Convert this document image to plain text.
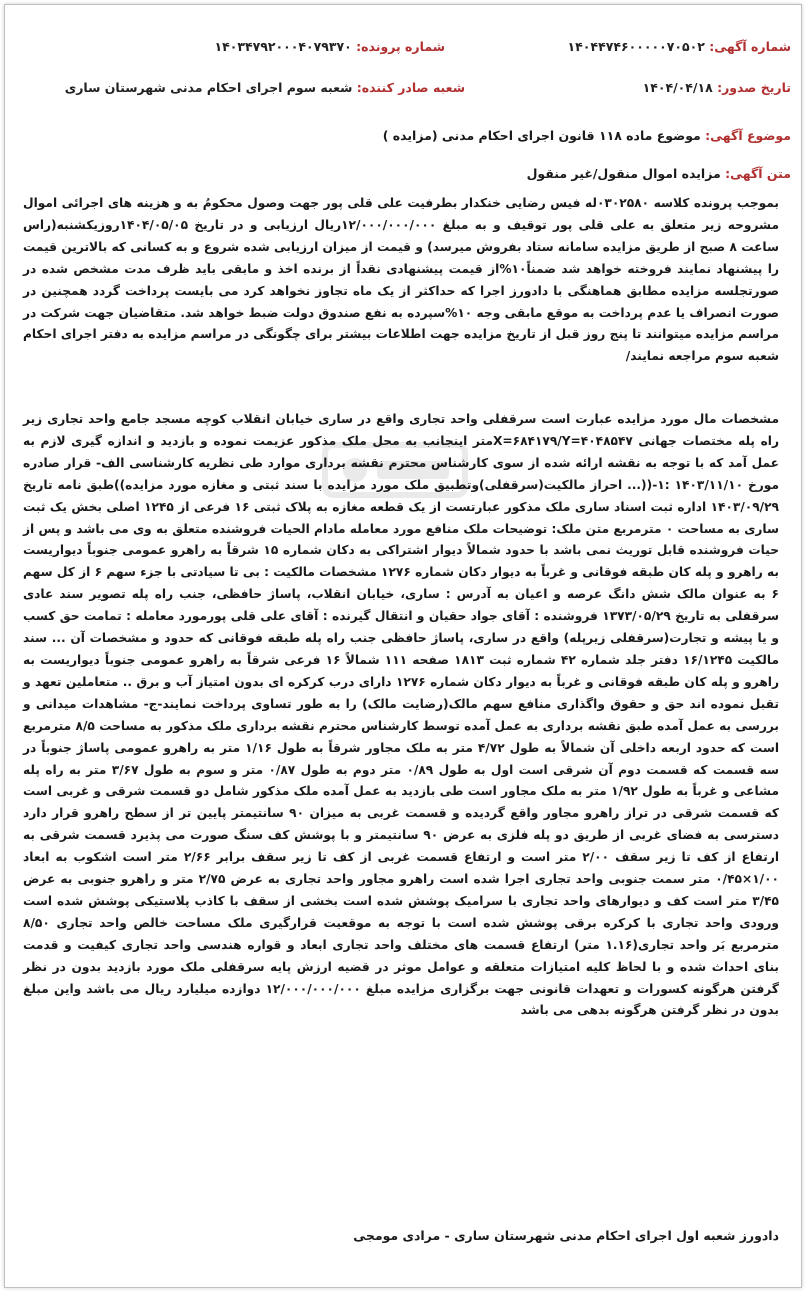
شماره آگهی: ۱۴۰۴۴۷۴۶۰۰۰۰۰۷۰۵۰۲
شماره پرونده: ۱۴۰۳۴۷۹۲۰۰۰۴۰۷۹۳۷۰
تاریخ صدور: ۱۴۰۴/۰۴/۱۸
شعبه صادر کننده: شعبه سوم اجرای احکام مدنی شهرستان ساری
موضوع آگهی: موضوع ماده ۱۱۸ قانون اجرای احکام مدنی (مزایده )
متن آگهی: مزایده اموال منقول/غیر منقول
بموجب پرونده کلاسه ۰۳۰۲۵۸۰له فیس رضایی خنکدار بطرفیت علی قلی پور جهت وصول محکومُ به و هزینه های اجرائی اموال مشروحه زیر متعلق به علی قلی پور توقیف و به مبلغ ۱۲/۰۰۰/۰۰۰/۰۰۰ریال ارزیابی و در تاریخ ۱۴۰۴/۰۵/۰۵روزیکشنبه(راس ساعت ۸ صبح از طریق مزایده سامانه ستاد بفروش میرسد) و قیمت از میزان ارزیابی شده شروع و به کسانی که بالاترین قیمت را پیشنهاد نمایند فروخته خواهد شد ضمناً۱۰%از قیمت پیشنهادی نقداً از برنده اخذ و مابقی باید ظرف مدت مشخص شده در صورتجلسه مزایده مطابق هماهنگی با دادورز اجرا که حداکثر از یک ماه تجاوز نخواهد کرد می بایست پرداخت گردد همچنین در صورت انصراف یا عدم پرداخت به موقع مابقی وجه ۱۰%سپرده به نفع صندوق دولت ضبط خواهد شد. متقاضیان جهت شرکت در مراسم مزایده میتوانند تا پنج روز قبل از تاریخ مزایده جهت اطلاعات بیشتر برای چگونگی در مراسم مزایده به دفتر اجرای احکام شعبه سوم مراجعه نمایند/
مشخصات مال مورد مزایده عبارت است سرقفلی واحد تجاری واقع در ساری خیابان انقلاب کوچه مسجد جامع واحد تجاری زیر راه پله مختصات جهانی X=۶۸۴۱۷۹/Y=۴۰۴۸۵۴۷متر اینجانب به محل ملک مذکور عزیمت نموده و بازدید و اندازه گیری لازم به عمل آمد که با توجه به نقشه ارائه شده از سوی کارشناس محترم نقشه برداری موارد طی نظریه کارشناسی الف- قرار صادره مورخ ۱۴۰۳/۱۱/۱۰ :۱-((... احراز مالکیت(سرقفلی)وتطبیق ملک مورد مزایده با سند ثبتی و مغازه مورد مزایده))طبق نامه تاریخ ۱۴۰۳/۰۹/۲۹ اداره ثبت اسناد ساری ملک مذکور عبارتست از یک قطعه مغازه به پلاک ثبتی ۱۶ فرعی از ۱۲۴۵ اصلی بخش یک ثبت ساری به مساحت ۰ مترمربع متن ملک: توضیحات ملک منافع مورد معامله مادام الحیات فروشنده متعلق به وی می باشد و پس از حیات فروشنده قابل توریث نمی باشد با حدود شمالاً دیوار اشتراکی به دکان شماره ۱۵ شرقاً به راهرو عمومی جنوباً دیواریست به راهرو و پله کان طبقه فوقانی و غرباً به دیوار دکان شماره ۱۲۷۶ مشخصات مالکیت : بی تا سیادتی با جزء سهم ۶ از کل سهم ۶ به عنوان مالک شش دانگ عرصه و اعیان به آدرس : ساری، خیابان انقلاب، پاساژ حافظی، جنب راه پله تصویر سند عادی سرقفلی به تاریخ ۱۳۷۳/۰۵/۲۹ فروشنده : آقای جواد حقیان و انتقال گیرنده : آقای علی قلی پورمورد معامله : تمامت حق کسب و یا پیشه و تجارت(سرقفلی زیرپله) واقع در ساری، پاساژ حافظی جنب راه پله طبقه فوقانی که حدود و مشخصات آن ... سند مالکیت ۱۶/۱۲۴۵ دفتر جلد شماره ۴۲ شماره ثبت ۱۸۱۳ صفحه ۱۱۱ شمالاً ۱۶ فرعی شرقاً به راهرو عمومی جنوباً دیواریست به راهرو و پله کان طبقه فوقانی و غرباً به دیوار دکان شماره ۱۲۷۶ دارای درب کرکره ای بدون امتیاز آب و برق .. متعاملین تعهد و تقبل نموده اند حق و حقوق واگذاری منافع سهم مالک(رضایت مالک) را به طور تساوی پرداخت نمایند-ج- مشاهدات میدانی و بررسی به عمل آمده طبق نقشه برداری به عمل آمده توسط کارشناس محترم نقشه برداری ملک مذکور به مساحت ۸/۵ مترمربع است که حدود اربعه داخلی آن شمالاً به طول ۴/۷۲ متر به ملک مجاور شرقاً به طول ۱/۱۶ متر به راهرو عمومی پاساژ جنوباً در سه قسمت که قسمت دوم آن شرقی است اول به طول ۰/۸۹ متر دوم به طول ۰/۸۷ متر و سوم به طول ۳/۶۷ متر به راه پله مشاعی و غرباً به طول ۱/۹۲ متر به ملک مجاور است طی بازدید به عمل آمده ملک مذکور شامل دو قسمت شرقی و غربی است که قسمت شرقی در تراز راهرو مجاور واقع گردیده و قسمت غربی به میزان ۹۰ سانتیمتر پایین تر از سطح راهرو قرار دارد دسترسی به فضای غربی از طریق دو پله فلزی به عرض ۹۰ سانتیمتر و با پوشش کف سنگ صورت می پذیرد قسمت شرقی به ارتفاع از کف تا زیر سقف ۲/۰۰ متر است و ارتفاع قسمت غربی از کف تا زیر سقف برابر ۲/۶۶ متر است اشکوب به ابعاد ۱/۰۰×۰/۴۵ متر سمت جنوبی واحد تجاری اجرا شده است راهرو مجاور واحد تجاری به عرض ۲/۷۵ متر و راهرو جنوبی به عرض ۳/۴۵ متر است کف و دیوارهای واحد تجاری با سرامیک پوشش شده است بخشی از سقف با کاذب پلاستیکی پوشش شده است ورودی واحد تجاری با کرکره برقی پوشش شده است با توجه به موقعیت قرارگیری ملک مساحت خالص واحد تجاری ۸/۵۰ مترمربع بَر واحد تجاری(۱.۱۶ متر) ارتفاع قسمت های مختلف واحد تجاری ابعاد و قواره هندسی واحد تجاری کیفیت و قدمت بنای احداث شده و با لحاظ کلیه امتیازات متعلقه و عوامل موثر در قضیه ارزش پایه سرقفلی ملک مورد بازدید بدون در نظر گرفتن هرگونه کسورات و تعهدات قانونی جهت برگزاری مزایده مبلغ ۱۲/۰۰۰/۰۰۰/۰۰۰ دوازده میلیارد ریال می باشد واین مبلغ بدون در نظر گرفتن هرگونه بدهی می باشد
دادورز شعبه اول اجرای احکام مدنی شهرستان ساری - مرادی مومجی
